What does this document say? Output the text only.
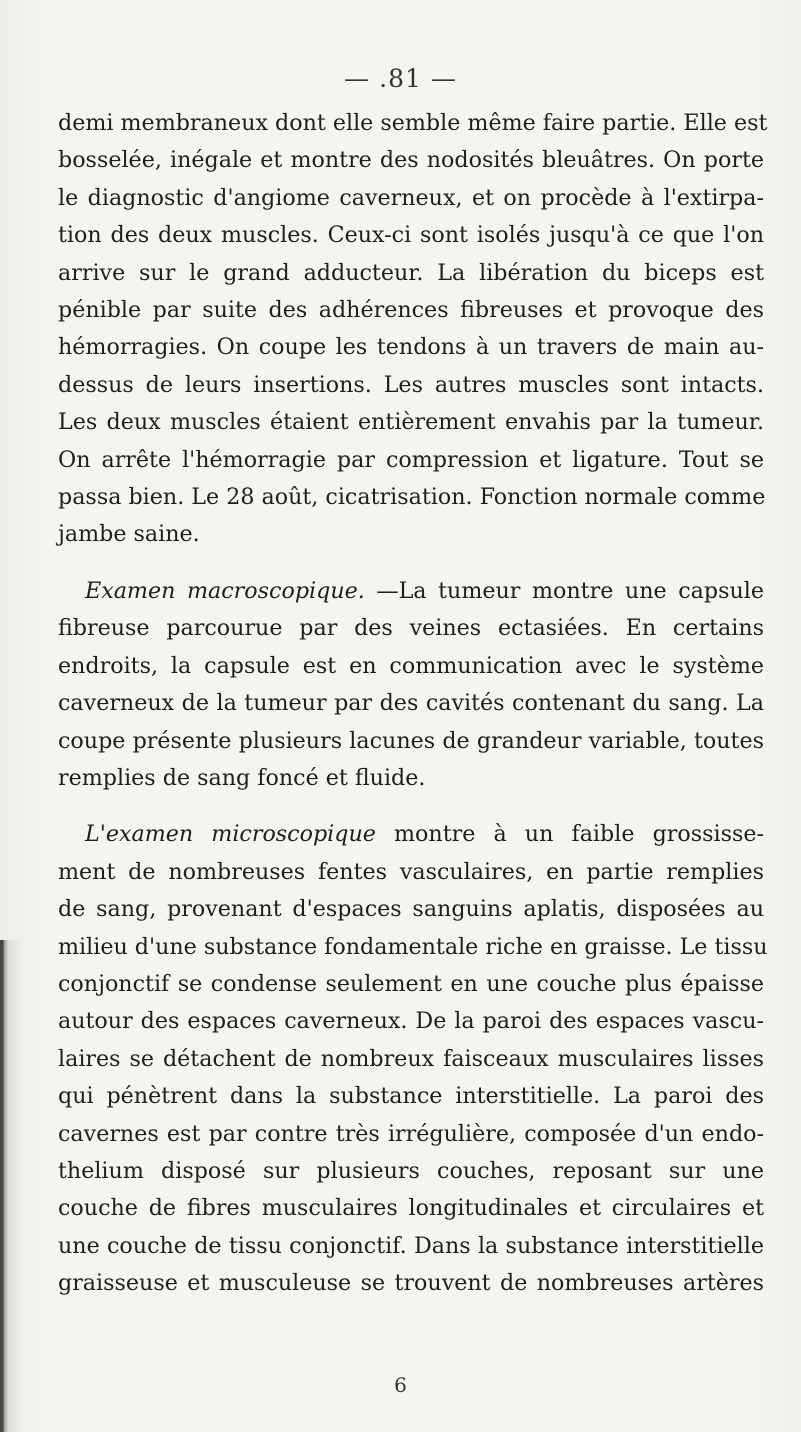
— .81 —
demi membraneux dont elle semble même faire partie. Elle est
bosselée, inégale et montre des nodosités bleuâtres. On porte
le diagnostic d'angiome caverneux, et on procède à l'extirpa-
tion des deux muscles. Ceux-ci sont isolés jusqu'à ce que l'on
arrive sur le grand adducteur. La libération du biceps est
pénible par suite des adhérences fibreuses et provoque des
hémorragies. On coupe les tendons à un travers de main au-
dessus de leurs insertions. Les autres muscles sont intacts.
Les deux muscles étaient entièrement envahis par la tumeur.
On arrête l'hémorragie par compression et ligature. Tout se
passa bien. Le 28 août, cicatrisation. Fonction normale comme
jambe saine.
Examen macroscopique. —La tumeur montre une capsule
fibreuse parcourue par des veines ectasiées. En certains
endroits, la capsule est en communication avec le système
caverneux de la tumeur par des cavités contenant du sang. La
coupe présente plusieurs lacunes de grandeur variable, toutes
remplies de sang foncé et fluide.
L'examen microscopique montre à un faible grossisse-
ment de nombreuses fentes vasculaires, en partie remplies
de sang, provenant d'espaces sanguins aplatis, disposées au
milieu d'une substance fondamentale riche en graisse. Le tissu
conjonctif se condense seulement en une couche plus épaisse
autour des espaces caverneux. De la paroi des espaces vascu-
laires se détachent de nombreux faisceaux musculaires lisses
qui pénètrent dans la substance interstitielle. La paroi des
cavernes est par contre très irrégulière, composée d'un endo-
thelium disposé sur plusieurs couches, reposant sur une
couche de fibres musculaires longitudinales et circulaires et
une couche de tissu conjonctif. Dans la substance interstitielle
graisseuse et musculeuse se trouvent de nombreuses artères
6
